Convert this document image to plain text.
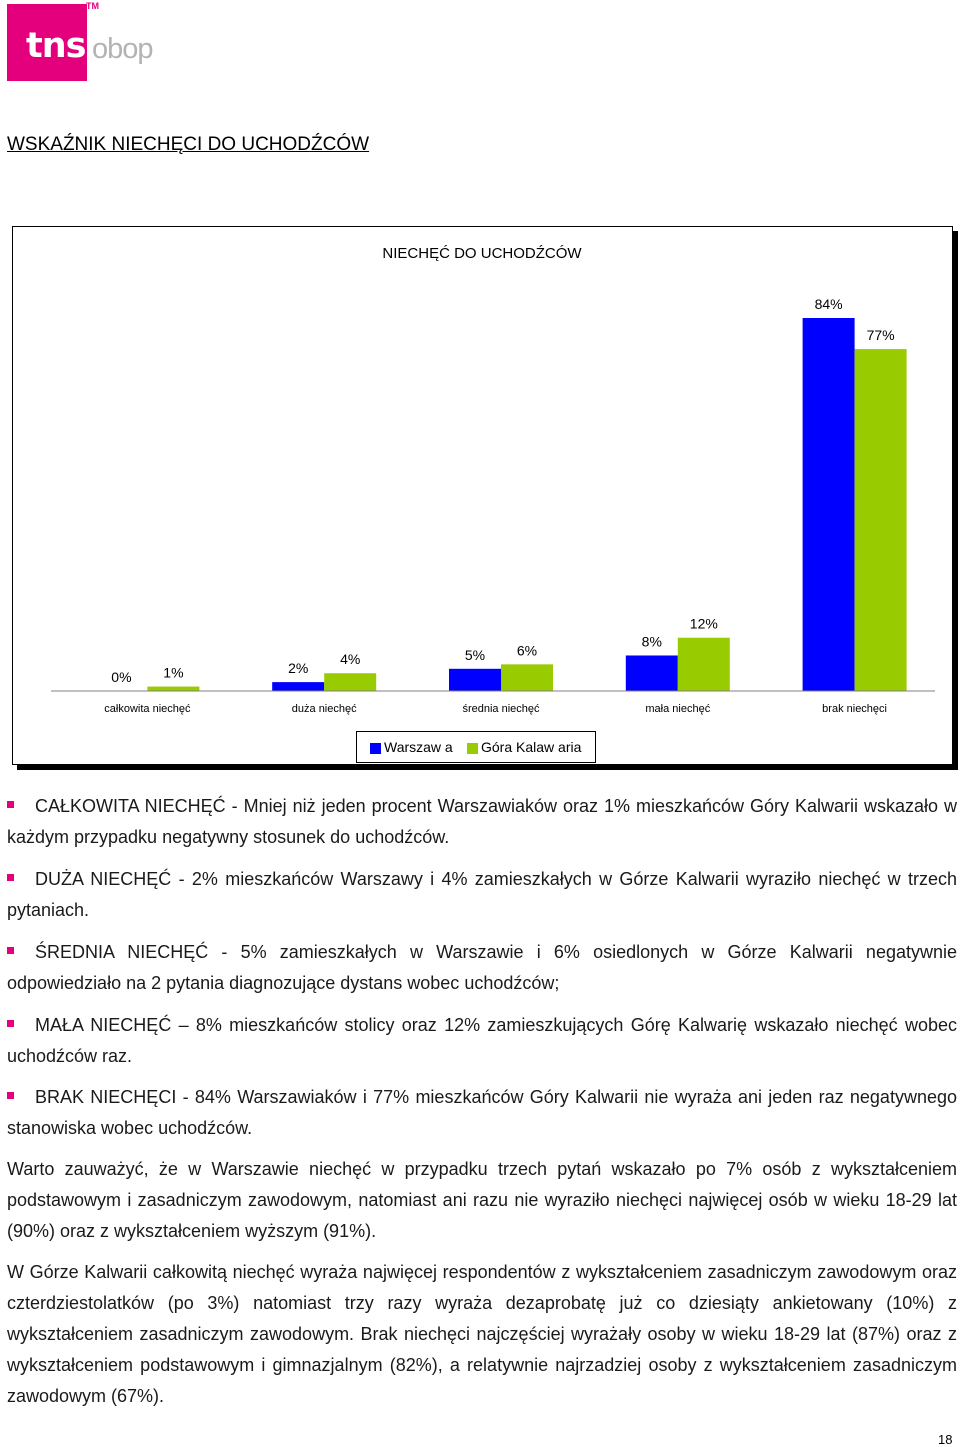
tns
TM
obop
WSKAŹNIK NIECHĘCI DO UCHODŹCÓW
NIECHĘĆ DO UCHODŹCÓW
0% 1%
całkowita niechęć
2%
4%
duża niechęć
5% 6%
średnia niechęć
8%
12%
mała niechęć
84%
77%
brak niechęci
Warszaw a Góra Kalaw aria
CAŁKOWITA NIECHĘĆ - Mniej niż jeden procent Warszawiaków oraz 1% mieszkańców Góry Kalwarii wskazało w każdym przypadku negatywny stosunek do uchodźców.
DUŻA NIECHĘĆ - 2% mieszkańców Warszawy i 4% zamieszkałych w Górze Kalwarii wyraziło niechęć w trzech pytaniach.
ŚREDNIA NIECHĘĆ - 5% zamieszkałych w Warszawie i 6% osiedlonych w Górze Kalwarii negatywnie odpowiedziało na 2 pytania diagnozujące dystans wobec uchodźców;
MAŁA NIECHĘĆ – 8% mieszkańców stolicy oraz 12% zamieszkujących Górę Kalwarię wskazało niechęć wobec uchodźców raz.
BRAK NIECHĘCI - 84% Warszawiaków i 77% mieszkańców Góry Kalwarii nie wyraża ani jeden raz negatywnego stanowiska wobec uchodźców.
Warto zauważyć, że w Warszawie niechęć w przypadku trzech pytań wskazało po 7% osób z wykształceniem podstawowym i zasadniczym zawodowym, natomiast ani razu nie wyraziło niechęci najwięcej osób w wieku 18-29 lat (90%) oraz z wykształceniem wyższym (91%).
W Górze Kalwarii całkowitą niechęć wyraża najwięcej respondentów z wykształceniem zasadniczym zawodowym oraz czterdziestolatków (po 3%) natomiast trzy razy wyraża dezaprobatę już co dziesiąty ankietowany (10%) z wykształceniem zasadniczym zawodowym. Brak niechęci najczęściej wyrażały osoby w wieku 18-29 lat (87%) oraz z wykształceniem podstawowym i gimnazjalnym (82%), a relatywnie najrzadziej osoby z wykształceniem zasadniczym zawodowym (67%).
18
